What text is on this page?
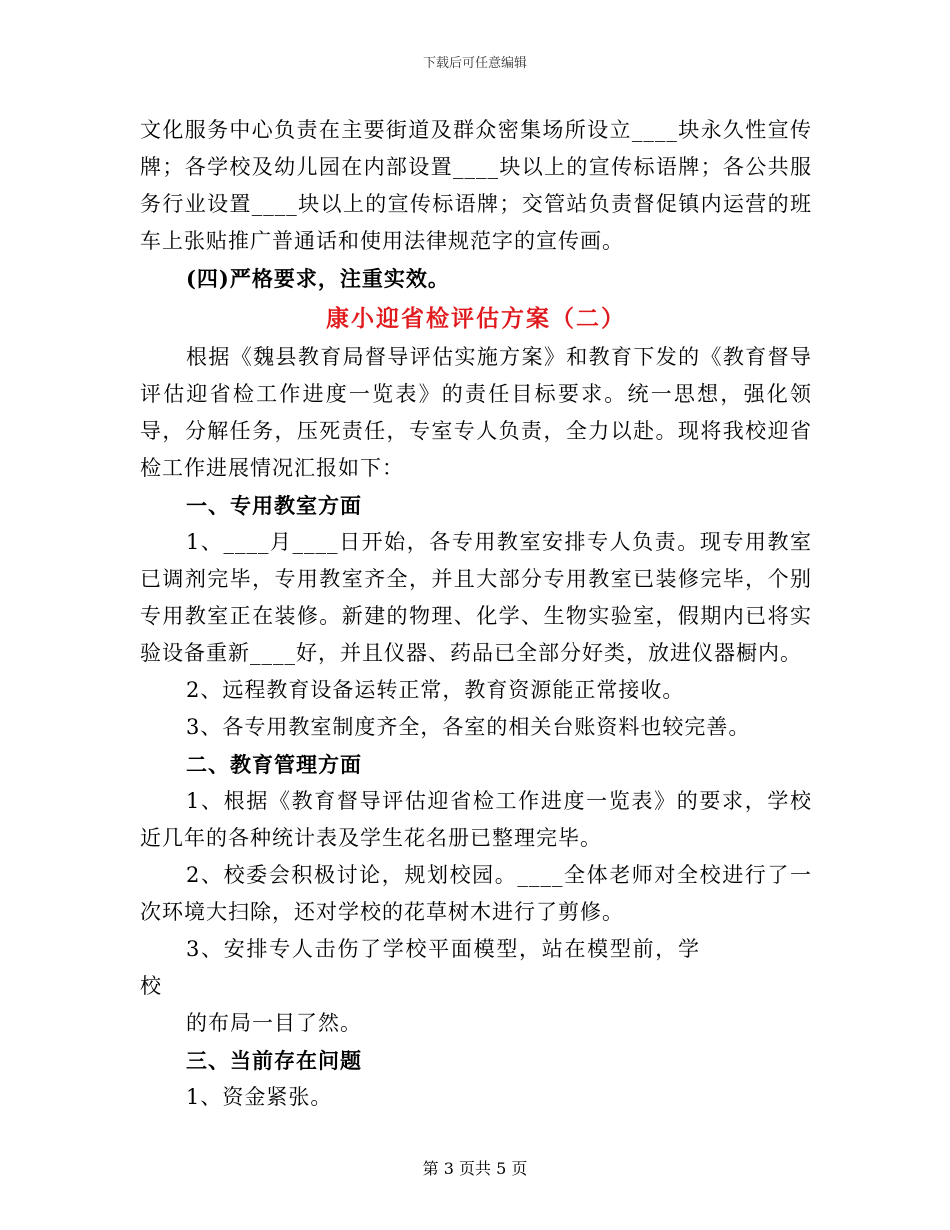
下载后可任意编辑

文化服务中心负责在主要街道及群众密集场所设立____块永久性宣传牌；各学校及幼儿园在内部设置____块以上的宣传标语牌；各公共服务行业设置____块以上的宣传标语牌；交管站负责督促镇内运营的班车上张贴推广普通话和使用法律规范字的宣传画。

(四)严格要求，注重实效。

康小迎省检评估方案（二）

根据《魏县教育局督导评估实施方案》和教育下发的《教育督导评估迎省检工作进度一览表》的责任目标要求。统一思想，强化领导，分解任务，压死责任，专室专人负责，全力以赴。现将我校迎省检工作进展情况汇报如下：

一、专用教室方面

1、____月____日开始，各专用教室安排专人负责。现专用教室已调剂完毕，专用教室齐全，并且大部分专用教室已装修完毕，个别专用教室正在装修。新建的物理、化学、生物实验室，假期内已将实验设备重新____好，并且仪器、药品已全部分好类，放进仪器橱内。

2、远程教育设备运转正常，教育资源能正常接收。

3、各专用教室制度齐全，各室的相关台账资料也较完善。

二、教育管理方面

1、根据《教育督导评估迎省检工作进度一览表》的要求，学校近几年的各种统计表及学生花名册已整理完毕。

2、校委会积极讨论，规划校园。____全体老师对全校进行了一次环境大扫除，还对学校的花草树木进行了剪修。

3、安排专人击伤了学校平面模型，站在模型前，学校

的布局一目了然。

三、当前存在问题

1、资金紧张。

第 3 页共 5 页
